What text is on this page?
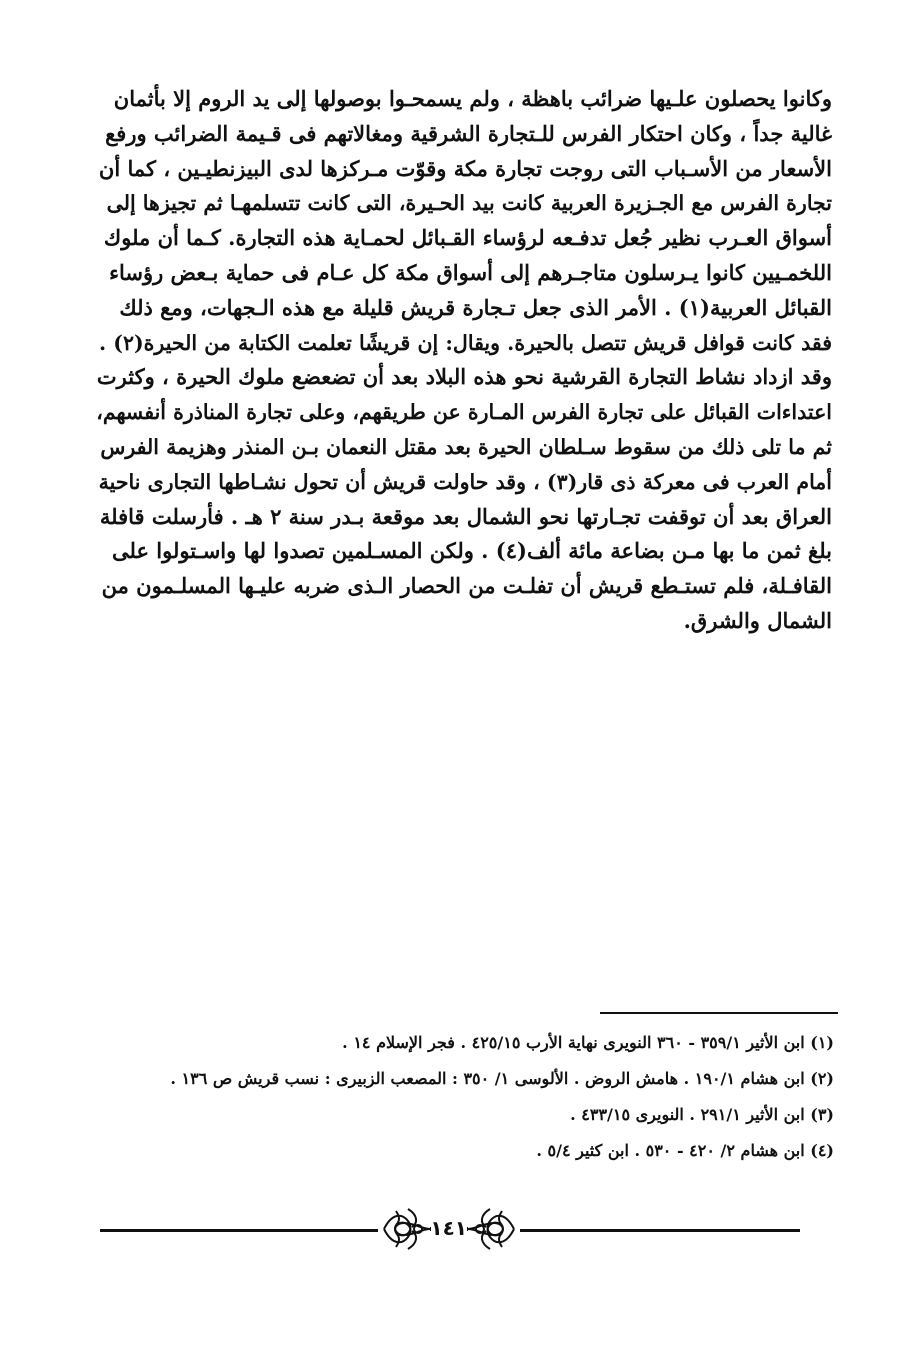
وكانوا يحصلون علـيها ضرائب باهظة ، ولم يسمحـوا بوصولها إلى يد الروم إلا بأثمان
غالية جداً ، وكان احتكار الفرس للـتجارة الشرقية ومغالاتهم فى قـيمة الضرائب ورفع
الأسعار من الأسـباب التى روجت تجارة مكة وقوّت مـركزها لدى البيزنطيـين ، كما أن
تجارة الفرس مع الجـزيرة العربية كانت بيد الحـيرة، التى كانت تتسلمهـا ثم تجيزها إلى
أسواق العـرب نظير جُعل تدفـعه لرؤساء القـبائل لحمـاية هذه التجارة. كـما أن ملوك
اللخمـيين كانوا يـرسلون متاجـرهم إلى أسواق مكة كل عـام فى حماية بـعض رؤساء
القبائل العربية(١) . الأمر الذى جعل تـجارة قريش قليلة مع هذه الـجهات، ومع ذلك
فقد كانت قوافل قريش تتصل بالحيرة. ويقال: إن قريشًا تعلمت الكتابة من الحيرة(٢) .
وقد ازداد نشاط التجارة القرشية نحو هذه البلاد بعد أن تضعضع ملوك الحيرة ، وكثرت
اعتداءات القبائل على تجارة الفرس المـارة عن طريقهم، وعلى تجارة المناذرة أنفسهم،
ثم ما تلى ذلك من سقوط سـلطان الحيرة بعد مقتل النعمان بـن المنذر وهزيمة الفرس
أمام العرب فى معركة ذى قار(٣) ، وقد حاولت قريش أن تحول نشـاطها التجارى ناحية
العراق بعد أن توقفت تجـارتها نحو الشمال بعد موقعة بـدر سنة ٢ هـ . فأرسلت قافلة
بلغ ثمن ما بها مـن بضاعة مائة ألف(٤) . ولكن المسـلمين تصدوا لها واسـتولوا على
القافـلة، فلم تستـطع قريش أن تفلـت من الحصار الـذى ضربه عليـها المسلـمون من
الشمال والشرق.
(١) ابن الأثير ٣٥٩/١ - ٣٦٠ النويرى نهاية الأرب ٤٢٥/١٥ . فجر الإسلام ١٤ .
(٢) ابن هشام ١٩٠/١ . هامش الروض . الألوسى ١/ ٣٥٠ : المصعب الزبيرى : نسب قريش ص ١٣٦ .
(٣) ابن الأثير ٢٩١/١ . النويرى ٤٣٣/١٥ .
(٤) ابن هشام ٢/ ٤٢٠ - ٥٣٠ . ابن كثير ٥/٤ .
١٤١
